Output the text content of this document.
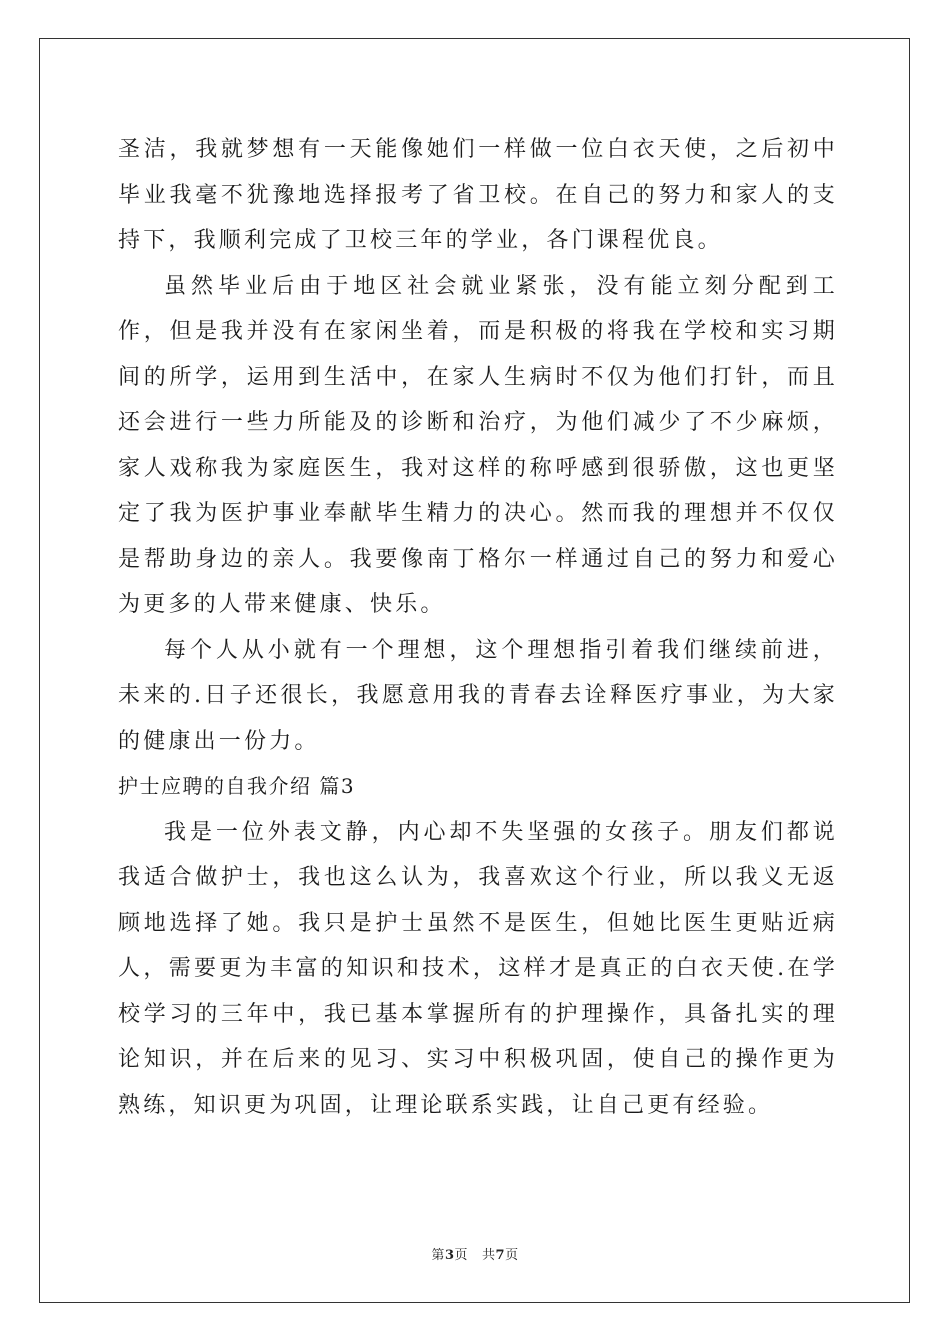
圣洁，我就梦想有一天能像她们一样做一位白衣天使，之后初中毕业我毫不犹豫地选择报考了省卫校。在自己的努力和家人的支持下，我顺利完成了卫校三年的学业，各门课程优良。

虽然毕业后由于地区社会就业紧张，没有能立刻分配到工作，但是我并没有在家闲坐着，而是积极的将我在学校和实习期间的所学，运用到生活中，在家人生病时不仅为他们打针，而且还会进行一些力所能及的诊断和治疗，为他们减少了不少麻烦，家人戏称我为家庭医生，我对这样的称呼感到很骄傲，这也更坚定了我为医护事业奉献毕生精力的决心。然而我的理想并不仅仅是帮助身边的亲人。我要像南丁格尔一样通过自己的努力和爱心为更多的人带来健康、快乐。

每个人从小就有一个理想，这个理想指引着我们继续前进，未来的.日子还很长，我愿意用我的青春去诠释医疗事业，为大家的健康出一份力。

护士应聘的自我介绍 篇3

我是一位外表文静，内心却不失坚强的女孩子。朋友们都说我适合做护士，我也这么认为，我喜欢这个行业，所以我义无返顾地选择了她。我只是护士虽然不是医生，但她比医生更贴近病人，需要更为丰富的知识和技术，这样才是真正的白衣天使.在学校学习的三年中，我已基本掌握所有的护理操作，具备扎实的理论知识，并在后来的见习、实习中积极巩固，使自己的操作更为熟练，知识更为巩固，让理论联系实践，让自己更有经验。

第3页 共7页
